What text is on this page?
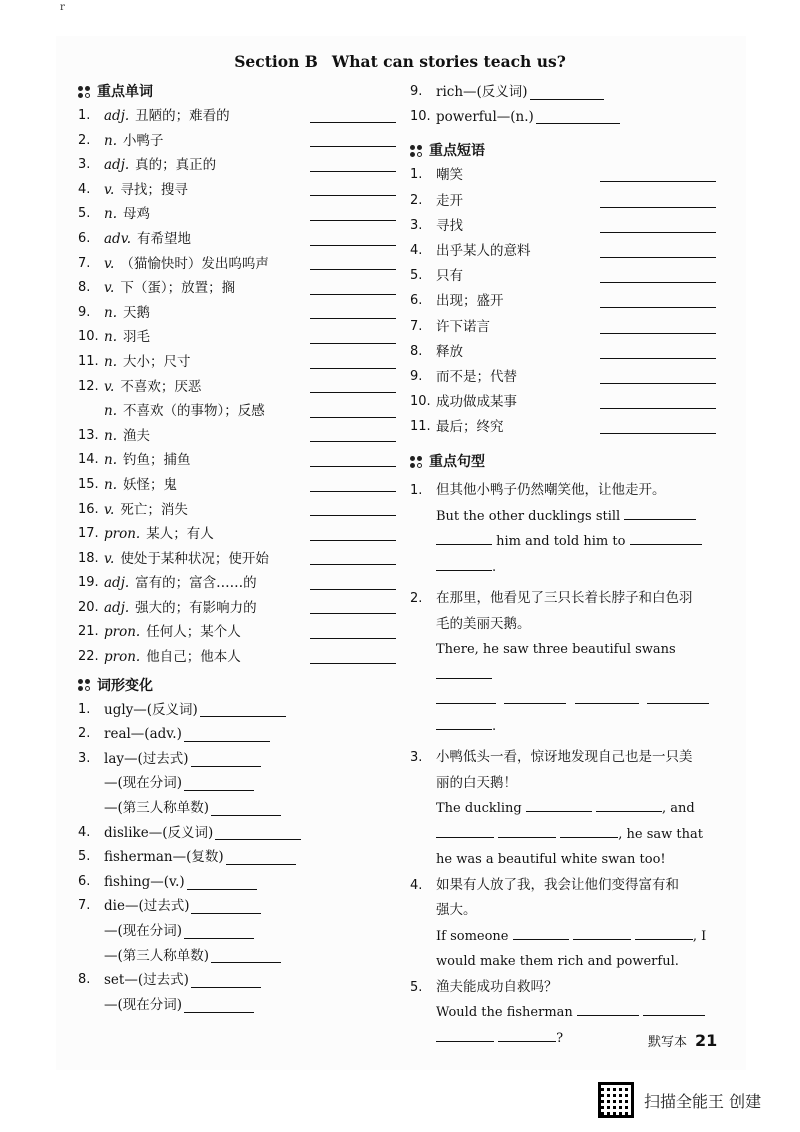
r
Section B What can stories teach us?
重点单词
1.	adj. 丑陋的；难看的
2.	n. 小鸭子
3.	adj. 真的；真正的
4.	v. 寻找；搜寻
5.	n. 母鸡
6.	adv. 有希望地
7.	v. （猫愉快时）发出呜呜声
8.	v. 下（蛋）；放置；搁
9.	n. 天鹅
10. n. 羽毛
11. n. 大小；尺寸
12. v. 不喜欢；厌恶
n. 不喜欢（的事物）；反感
13. n. 渔夫
14. n. 钓鱼；捕鱼
15. n. 妖怪；鬼
16. v. 死亡；消失
17. pron. 某人；有人
18. v. 使处于某种状况；使开始
19. adj. 富有的；富含……的
20. adj. 强大的；有影响力的
21. pron. 任何人；某个人
22. pron. 他自己；他本人
词形变化
1.	ugly—(反义词)
2.	real—(adv.)
3.	lay—(过去式)
—(现在分词)
—(第三人称单数)
4.	dislike—(反义词)
5.	fisherman—(复数)
6.	fishing—(v.)
7.	die—(过去式)
—(现在分词)
—(第三人称单数)
8.	set—(过去式)
—(现在分词)
9.	rich—(反义词)
10. powerful—(n.)
重点短语
1.	嘲笑
2.	走开
3.	寻找
4.	出乎某人的意料
5.	只有
6.	出现；盛开
7.	许下诺言
8.	释放
9.	而不是；代替
10. 成功做成某事
11. 最后；终究
重点句型
1. 但其他小鸭子仍然嘲笑他，让他走开。
But the other ducklings still
him and told him to
.
2. 在那里，他看见了三只长着长脖子和白色羽
毛的美丽天鹅。
There, he saw three beautiful swans

.
3. 小鸭低头一看，惊讶地发现自己也是一只美
丽的白天鹅！
The duckling	, and
, he saw that
he was a beautiful white swan too!
4. 如果有人放了我，我会让他们变得富有和
强大。
If someone	, I
would make them rich and powerful.
5. 渔夫能成功自救吗？
Would the fisherman
?	默写本 21
扫描全能王 创建
